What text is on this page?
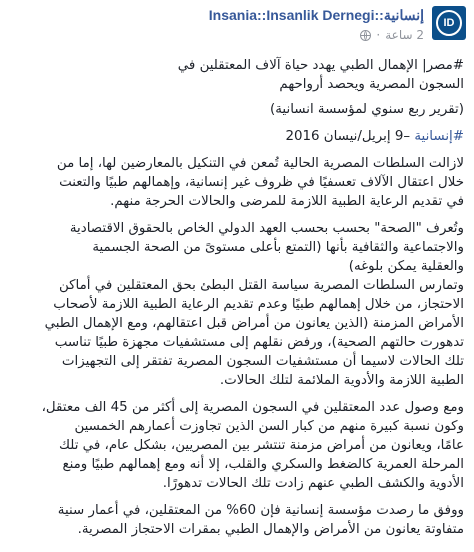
ID
Insania::Insanlik Dernegi::إنسانية
2 ساعة
·
#مصر| الإهمال الطبي يهدد حياة آلاف المعتقلين في
السجون المصرية ويحصد أرواحهم
(تقرير ربع سنوي لمؤسسة انسانية)
#إنسانية –9 إبريل/نيسان 2016
لازالت السلطات المصرية الحالية تُمعن في التنكيل بالمعارضين لها، إما من
خلال اعتقال الآلاف تعسفيًا في ظروف غير إنسانية، وإهمالهم طبيًا والتعنت
في تقديم الرعاية الطبية اللازمة للمرضى والحالات الحرجة منهم.
وتُعرف "الصحة" بحسب بحسب العهد الدولي الخاص بالحقوق الاقتصادية
والاجتماعية والثقافية بأنها (التمتع بأعلى مستوىً من الصحة الجسمية
والعقلية يمكن بلوغه)
وتمارس السلطات المصرية سياسة القتل البطئ بحق المعتقلين في أماكن
الاحتجاز، من خلال إهمالهم طبيًا وعدم تقديم الرعاية الطبية اللازمة لأصحاب
الأمراض المزمنة (الذين يعانون من أمراض قبل اعتقالهم، ومع الإهمال الطبي
تدهورت حالتهم الصحية)، ورفض نقلهم إلى مستشفيات مجهزة طبيًا تناسب
تلك الحالات لاسيما أن مستشفيات السجون المصرية تفتقر إلى التجهيزات
الطبية اللازمة والأدوية الملائمة لتلك الحالات.
ومع وصول عدد المعتقلين في السجون المصرية إلى أكثر من 45 الف معتقل،
وكون نسبة كبيرة منهم من كبار السن الذين تجاوزت أعمارهم الخمسين
عامًا، ويعانون من أمراض مزمنة تنتشر بين المصريين، بشكل عام، في تلك
المرحلة العمرية كالضغط والسكري والقلب، إلا أنه ومع إهمالهم طبيًا ومنع
الأدوية والكشف الطبي عنهم زادت تلك الحالات تدهورًا.
ووفق ما رصدت مؤسسة إنسانية فإن 60% من المعتقلين، في أعمار سنية
متفاوتة يعانون من الأمراض والإهمال الطبي بمقرات الاحتجاز المصرية.
